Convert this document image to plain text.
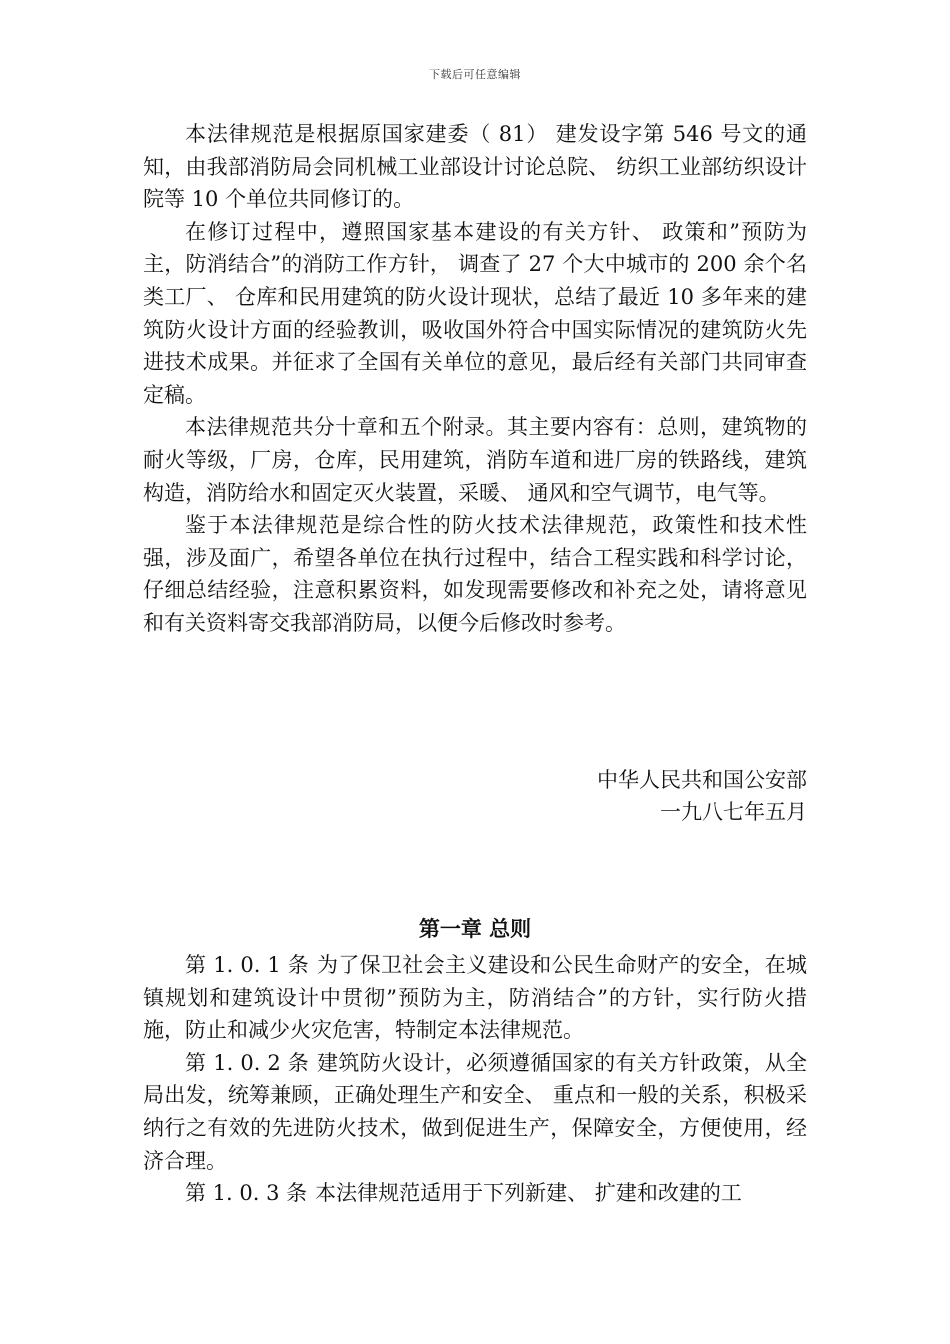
下载后可任意编辑

本法律规范是根据原国家建委（ 81） 建发设字第 546 号文的通知，由我部消防局会同机械工业部设计讨论总院、 纺织工业部纺织设计院等 10 个单位共同修订的。

在修订过程中，遵照国家基本建设的有关方针、 政策和”预防为主，防消结合”的消防工作方针， 调查了 27 个大中城市的 200 余个名类工厂、 仓库和民用建筑的防火设计现状，总结了最近 10 多年来的建筑防火设计方面的经验教训，吸收国外符合中国实际情况的建筑防火先进技术成果。并征求了全国有关单位的意见，最后经有关部门共同审查定稿。

本法律规范共分十章和五个附录。其主要内容有：总则，建筑物的耐火等级，厂房，仓库，民用建筑，消防车道和进厂房的铁路线，建筑构造，消防给水和固定灭火装置，采暖、 通风和空气调节，电气等。

鉴于本法律规范是综合性的防火技术法律规范，政策性和技术性强，涉及面广，希望各单位在执行过程中，结合工程实践和科学讨论，仔细总结经验，注意积累资料，如发现需要修改和补充之处，请将意见和有关资料寄交我部消防局，以便今后修改时参考。

中华人民共和国公安部
一九八七年五月
第一章 总则

第 1. 0. 1 条 为了保卫社会主义建设和公民生命财产的安全，在城镇规划和建筑设计中贯彻”预防为主，防消结合”的方针，实行防火措施，防止和减少火灾危害，特制定本法律规范。

第 1. 0. 2 条 建筑防火设计，必须遵循国家的有关方针政策，从全局出发，统筹兼顾，正确处理生产和安全、 重点和一般的关系，积极采纳行之有效的先进防火技术，做到促进生产，保障安全，方便使用，经济合理。

第 1. 0. 3 条 本法律规范适用于下列新建、 扩建和改建的工
